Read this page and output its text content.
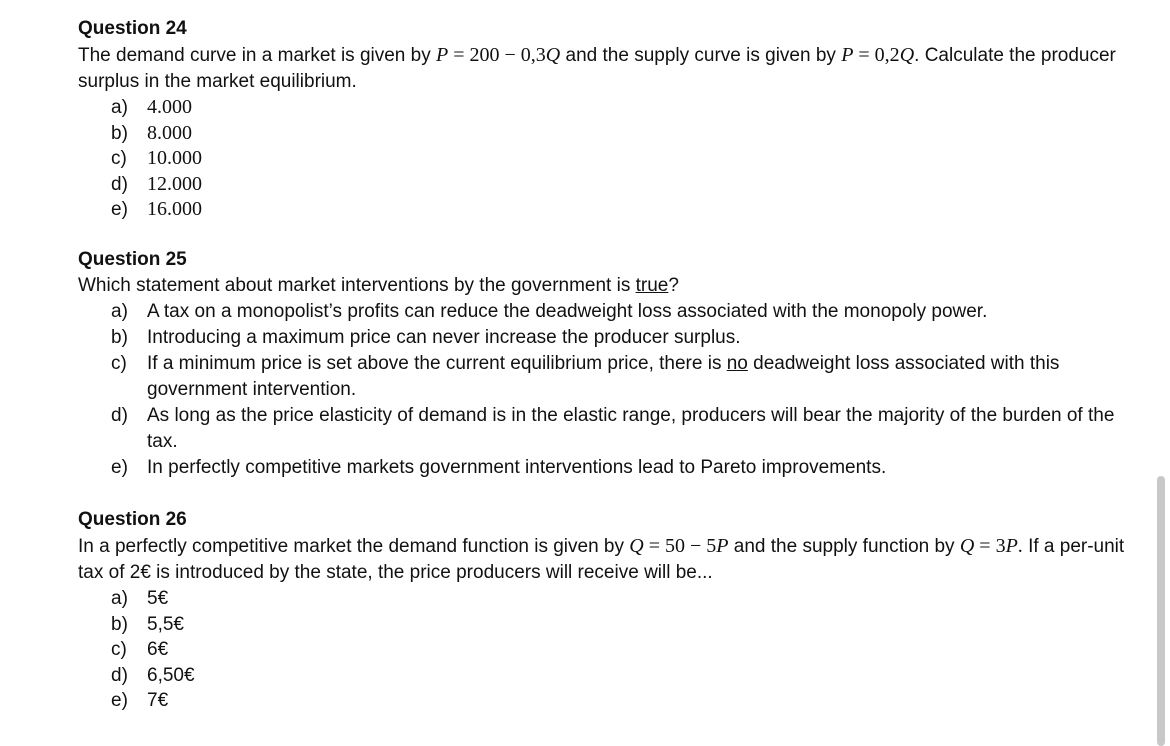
Question 24
The demand curve in a market is given by P = 200 − 0,3Q and the supply curve is given by P = 0,2Q. Calculate the producer surplus in the market equilibrium.
a) 4.000
b) 8.000
c) 10.000
d) 12.000
e) 16.000
Question 25
Which statement about market interventions by the government is true?
a) A tax on a monopolist’s profits can reduce the deadweight loss associated with the monopoly power.
b) Introducing a maximum price can never increase the producer surplus.
c) If a minimum price is set above the current equilibrium price, there is no deadweight loss associated with this government intervention.
d) As long as the price elasticity of demand is in the elastic range, producers will bear the majority of the burden of the tax.
e) In perfectly competitive markets government interventions lead to Pareto improvements.
Question 26
In a perfectly competitive market the demand function is given by Q = 50 − 5P and the supply function by Q = 3P. If a per-unit tax of 2€ is introduced by the state, the price producers will receive will be...
a) 5€
b) 5,5€
c) 6€
d) 6,50€
e) 7€
